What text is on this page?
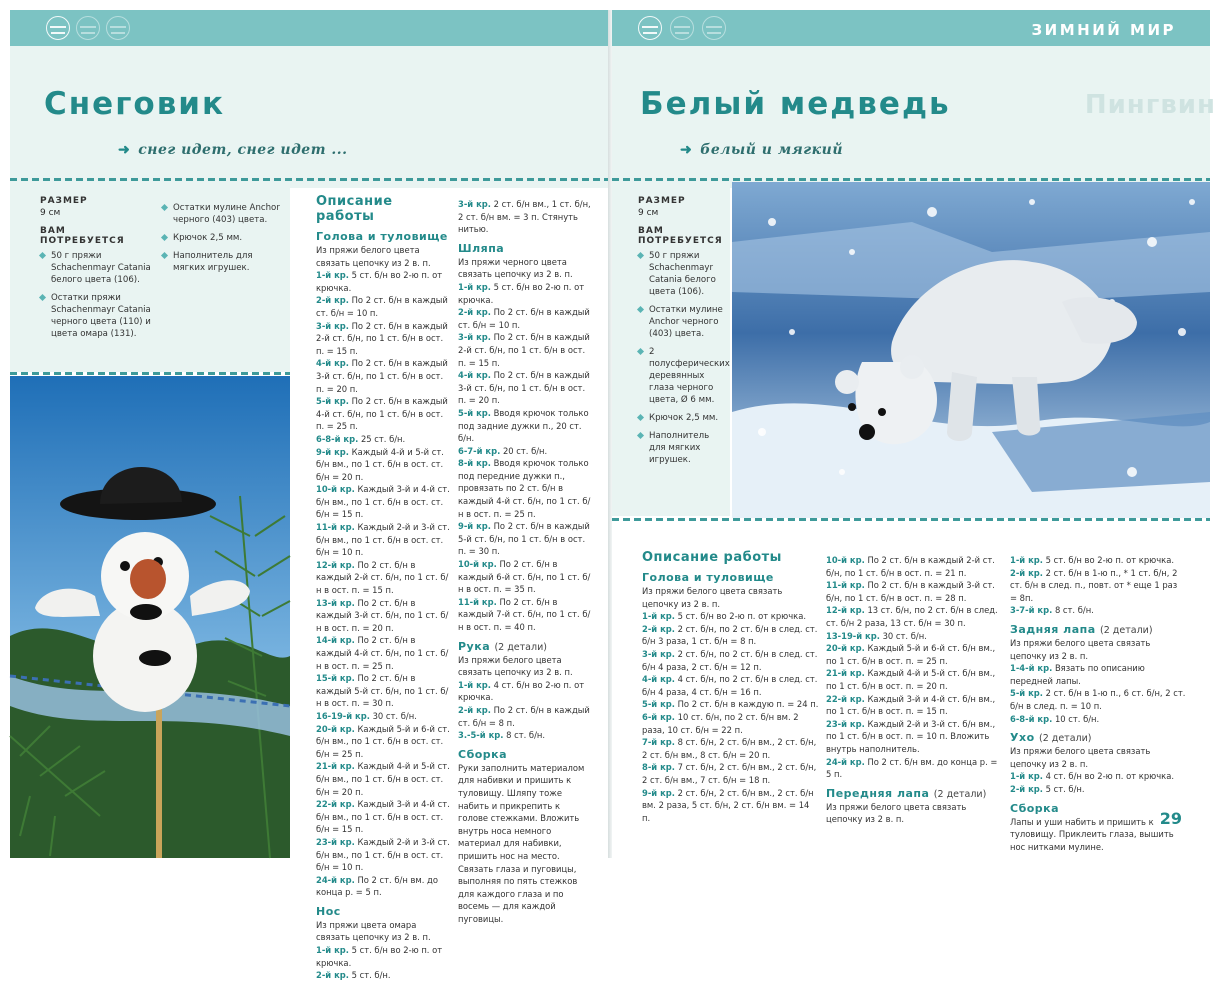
Снеговик
➜ снег идет, снег идет ...
РАЗМЕР
9 см
ВАМ ПОТРЕБУЕТСЯ
50 г пряжи Schachenmayr Catania белого цвета (106).
Остатки пряжи Schachenmayr Catania черного цвета (110) и цвета омара (131).
Остатки мулине Anchor черного (403) цвета.
Крючок 2,5 мм.
Наполнитель для мягких игрушек.
Описание работы
Голова и туловище

Из пряжи белого цвета связать цепочку из 2 в. п.

1-й кр. 5 ст. б/н во 2-ю п. от крючка.

2-й кр. По 2 ст. б/н в каждый ст. б/н = 10 п.

3-й кр. По 2 ст. б/н в каждый 2-й ст. б/н, по 1 ст. б/н в ост. п. = 15 п.

4-й кр. По 2 ст. б/н в каждый 3-й ст. б/н, по 1 ст. б/н в ост. п. = 20 п.

5-й кр. По 2 ст. б/н в каждый 4-й ст. б/н, по 1 ст. б/н в ост. п. = 25 п.

6-8-й кр. 25 ст. б/н.

9-й кр. Каждый 4-й и 5-й ст. б/н вм., по 1 ст. б/н в ост. ст. б/н = 20 п.

10-й кр. Каждый 3-й и 4-й ст. б/н вм., по 1 ст. б/н в ост. ст. б/н = 15 п.

11-й кр. Каждый 2-й и 3-й ст. б/н вм., по 1 ст. б/н в ост. ст. б/н = 10 п.

12-й кр. По 2 ст. б/н в каждый 2-й ст. б/н, по 1 ст. б/н в ост. п. = 15 п.

13-й кр. По 2 ст. б/н в каждый 3-й ст. б/н, по 1 ст. б/н в ост. п. = 20 п.

14-й кр. По 2 ст. б/н в каждый 4-й ст. б/н, по 1 ст. б/н в ост. п. = 25 п.

15-й кр. По 2 ст. б/н в каждый 5-й ст. б/н, по 1 ст. б/н в ост. п. = 30 п.

16-19-й кр. 30 ст. б/н.

20-й кр. Каждый 5-й и 6-й ст. б/н вм., по 1 ст. б/н в ост. ст. б/н = 25 п.

21-й кр. Каждый 4-й и 5-й ст. б/н вм., по 1 ст. б/н в ост. ст. б/н = 20 п.

22-й кр. Каждый 3-й и 4-й ст. б/н вм., по 1 ст. б/н в ост. ст. б/н = 15 п.

23-й кр. Каждый 2-й и 3-й ст. б/н вм., по 1 ст. б/н в ост. ст. б/н = 10 п.

24-й кр. По 2 ст. б/н вм. до конца р. = 5 п.

Нос

Из пряжи цвета омара связать цепочку из 2 в. п.

1-й кр. 5 ст. б/н во 2-ю п. от крючка.

2-й кр. 5 ст. б/н.

3-й кр. 2 ст. б/н вм., 1 ст. б/н, 2 ст. б/н вм. = 3 п. Стянуть нитью.

Шляпа

Из пряжи черного цвета связать цепочку из 2 в. п.

1-й кр. 5 ст. б/н во 2-ю п. от крючка.

2-й кр. По 2 ст. б/н в каждый ст. б/н = 10 п.

3-й кр. По 2 ст. б/н в каждый 2-й ст. б/н, по 1 ст. б/н в ост. п. = 15 п.

4-й кр. По 2 ст. б/н в каждый 3-й ст. б/н, по 1 ст. б/н в ост. п. = 20 п.

5-й кр. Вводя крючок только под задние дужки п., 20 ст. б/н.

6-7-й кр. 20 ст. б/н.

8-й кр. Вводя крючок только под передние дужки п., провязать по 2 ст. б/н в каждый 4-й ст. б/н, по 1 ст. б/н в ост. п. = 25 п.

9-й кр. По 2 ст. б/н в каждый 5-й ст. б/н, по 1 ст. б/н в ост. п. = 30 п.

10-й кр. По 2 ст. б/н в каждый 6-й ст. б/н, по 1 ст. б/н в ост. п. = 35 п.

11-й кр. По 2 ст. б/н в каждый 7-й ст. б/н, по 1 ст. б/н в ост. п. = 40 п.

Рука (2 детали)

Из пряжи белого цвета связать цепочку из 2 в. п.

1-й кр. 4 ст. б/н во 2-ю п. от крючка.

2-й кр. По 2 ст. б/н в каждый ст. б/н = 8 п.

3.-5-й кр. 8 ст. б/н.

Сборка

Руки заполнить материалом для набивки и пришить к туловищу. Шляпу тоже набить и прикрепить к голове стежками. Вложить внутрь носа немного материал для набивки, пришить нос на место. Связать глаза и пуговицы, выполняя по пять стежков для каждого глаза и по восемь — для каждой пуговицы.

ЗИМНИЙ МИР
Пингвин
Белый медведь
➜ белый и мягкий
РАЗМЕР
9 см
ВАМ
ПОТРЕБУЕТСЯ
50 г пряжи Schachenmayr Catania белого цвета (106).
Остатки мулине Anchor черного (403) цвета.
2 полусферических деревянных глаза черного цвета, Ø 6 мм.
Крючок 2,5 мм.
Наполнитель для мягких игрушек.
Описание работы
Голова и туловище

Из пряжи белого цвета связать цепочку из 2 в. п.

1-й кр. 5 ст. б/н во 2-ю п. от крючка.

2-й кр. 2 ст. б/н, по 2 ст. б/н в след. ст. б/н 3 раза, 1 ст. б/н = 8 п.

3-й кр. 2 ст. б/н, по 2 ст. б/н в след. ст. б/н 4 раза, 2 ст. б/н = 12 п.

4-й кр. 4 ст. б/н, по 2 ст. б/н в след. ст. б/н 4 раза, 4 ст. б/н = 16 п.

5-й кр. По 2 ст. б/н в каждую п. = 24 п.

6-й кр. 10 ст. б/н, по 2 ст. б/н вм. 2 раза, 10 ст. б/н = 22 п.

7-й кр. 8 ст. б/н, 2 ст. б/н вм., 2 ст. б/н, 2 ст. б/н вм., 8 ст. б/н = 20 п.

8-й кр. 7 ст. б/н, 2 ст. б/н вм., 2 ст. б/н, 2 ст. б/н вм., 7 ст. б/н = 18 п.

9-й кр. 2 ст. б/н, 2 ст. б/н вм., 2 ст. б/н вм. 2 раза, 5 ст. б/н, 2 ст. б/н вм. = 14 п.

10-й кр. По 2 ст. б/н в каждый 2-й ст. б/н, по 1 ст. б/н в ост. п. = 21 п.

11-й кр. По 2 ст. б/н в каждый 3-й ст. б/н, по 1 ст. б/н в ост. п. = 28 п.

12-й кр. 13 ст. б/н, по 2 ст. б/н в след. ст. б/н 2 раза, 13 ст. б/н = 30 п.

13-19-й кр. 30 ст. б/н.

20-й кр. Каждый 5-й и 6-й ст. б/н вм., по 1 ст. б/н в ост. п. = 25 п.

21-й кр. Каждый 4-й и 5-й ст. б/н вм., по 1 ст. б/н в ост. п. = 20 п.

22-й кр. Каждый 3-й и 4-й ст. б/н вм., по 1 ст. б/н в ост. п. = 15 п.

23-й кр. Каждый 2-й и 3-й ст. б/н вм., по 1 ст. б/н в ост. п. = 10 п. Вложить внутрь наполнитель.

24-й кр. По 2 ст. б/н вм. до конца р. = 5 п.

Передняя лапа (2 детали)

Из пряжи белого цвета связать цепочку из 2 в. п.

1-й кр. 5 ст. б/н во 2-ю п. от крючка.

2-й кр. 2 ст. б/н в 1-ю п., * 1 ст. б/н, 2 ст. б/н в след. п., повт. от * еще 1 раз = 8п.

3-7-й кр. 8 ст. б/н.

Задняя лапа (2 детали)

Из пряжи белого цвета связать цепочку из 2 в. п.

1-4-й кр. Вязать по описанию передней лапы.

5-й кр. 2 ст. б/н в 1-ю п., 6 ст. б/н, 2 ст. б/н в след. п. = 10 п.

6-8-й кр. 10 ст. б/н.

Ухо (2 детали)

Из пряжи белого цвета связать цепочку из 2 в. п.

1-й кр. 4 ст. б/н во 2-ю п. от крючка.

2-й кр. 5 ст. б/н.

Сборка

Лапы и уши набить и пришить к туловищу. Приклеить глаза, вышить нос нитками мулине.

29
